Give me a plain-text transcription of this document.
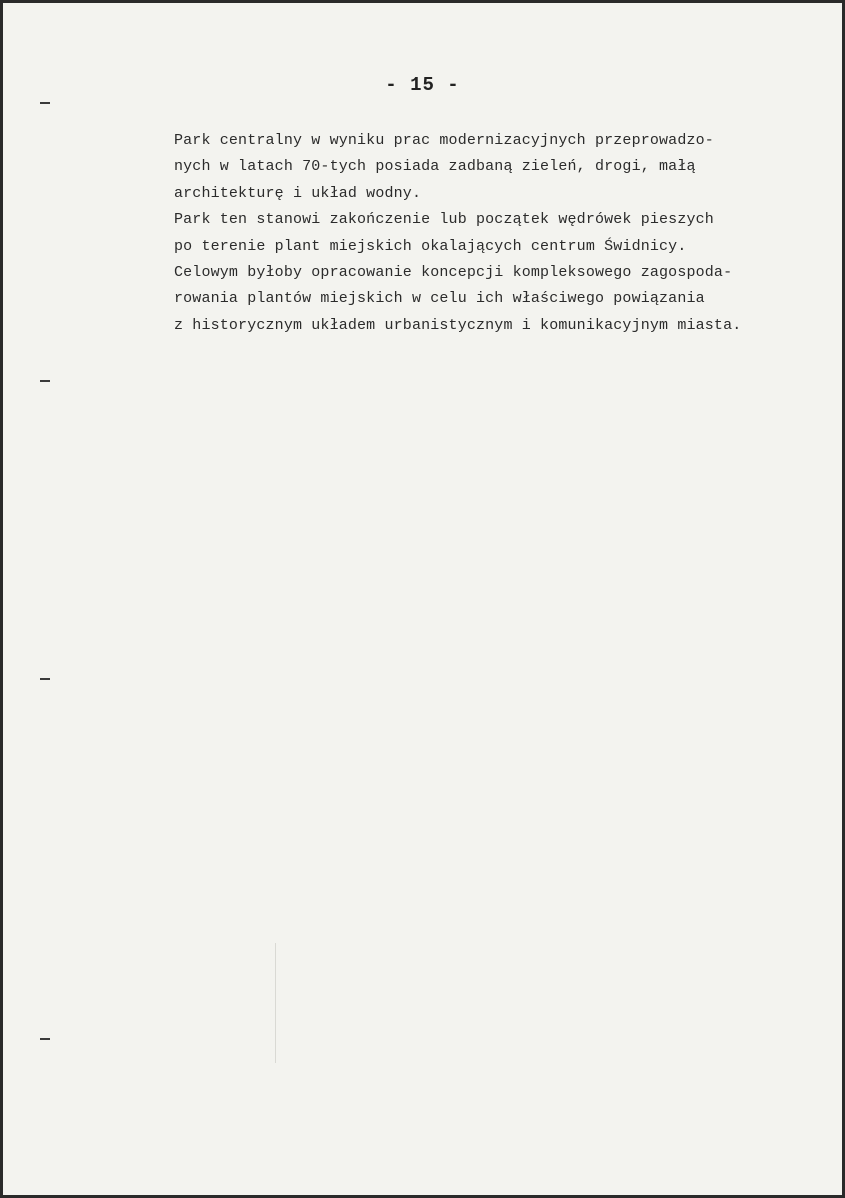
- 15 -
Park centralny w wyniku prac modernizacyjnych przeprowadzo-
nych w latach 70-tych posiada zadbaną zieleń, drogi, małą
architekturę i układ wodny.
Park ten stanowi zakończenie lub początek wędrówek pieszych
po terenie plant miejskich okalających centrum Świdnicy.
Celowym byłoby opracowanie koncepcji kompleksowego zagospoda-
rowania plantów miejskich w celu ich właściwego powiązania
z historycznym układem urbanistycznym i komunikacyjnym miasta.
